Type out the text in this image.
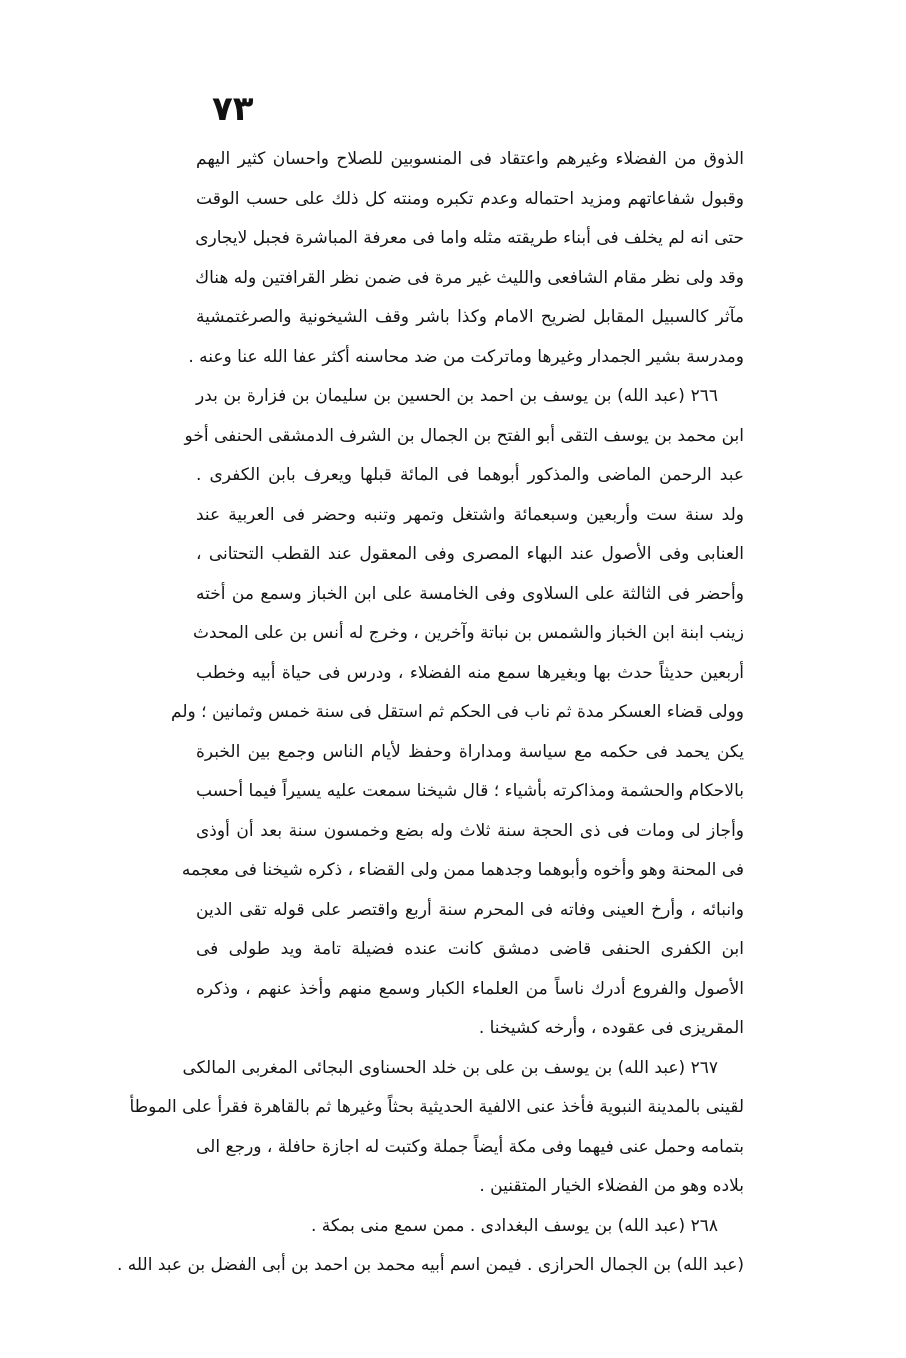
٧٣
الذوق من الفضلاء وغيرهم واعتقاد فى المنسوبين للصلاح واحسان كثير اليهم
وقبول شفاعاتهم ومزيد احتماله وعدم تكبره ومنته كل ذلك على حسب الوقت
حتى انه لم يخلف فى أبناء طريقته مثله واما فى معرفة المباشرة فجبل لايجارى
وقد ولى نظر مقام الشافعى والليث غير مرة فى ضمن نظر القرافتين وله هناك
مآثر كالسبيل المقابل لضريح الامام وكذا باشر وقف الشيخونية والصرغتمشية
ومدرسة بشير الجمدار وغيرها وماتركت من ضد محاسنه أكثر عفا الله عنا وعنه .
٢٦٦ (عبد الله) بن يوسف بن احمد بن الحسين بن سليمان بن فزارة بن بدر
ابن محمد بن يوسف التقى أبو الفتح بن الجمال بن الشرف الدمشقى الحنفى أخو
عبد الرحمن الماضى والمذكور أبوهما فى المائة قبلها ويعرف بابن الكفرى .
ولد سنة ست وأربعين وسبعمائة واشتغل وتمهر وتنبه وحضر فى العربية عند
العنابى وفى الأصول عند البهاء المصرى وفى المعقول عند القطب التحتانى ،
وأحضر فى الثالثة على السلاوى وفى الخامسة على ابن الخباز وسمع من أخته
زينب ابنة ابن الخباز والشمس بن نباتة وآخرين ، وخرج له أنس بن على المحدث
أربعين حديثاً حدث بها وبغيرها سمع منه الفضلاء ، ودرس فى حياة أبيه وخطب
وولى قضاء العسكر مدة ثم ناب فى الحكم ثم استقل فى سنة خمس وثمانين ؛ ولم
يكن يحمد فى حكمه مع سياسة ومداراة وحفظ لأيام الناس وجمع بين الخبرة
بالاحكام والحشمة ومذاكرته بأشياء ؛ قال شيخنا سمعت عليه يسيراً فيما أحسب
وأجاز لى ومات فى ذى الحجة سنة ثلاث وله بضع وخمسون سنة بعد أن أوذى
فى المحنة وهو وأخوه وأبوهما وجدهما ممن ولى القضاء ، ذكره شيخنا فى معجمه
وانبائه ، وأرخ العينى وفاته فى المحرم سنة أربع واقتصر على قوله تقى الدين
ابن الكفرى الحنفى قاضى دمشق كانت عنده فضيلة تامة ويد طولى فى
الأصول والفروع أدرك ناساً من العلماء الكبار وسمع منهم وأخذ عنهم ، وذكره
المقريزى فى عقوده ، وأرخه كشيخنا .
٢٦٧ (عبد الله) بن يوسف بن على بن خلد الحسناوى البجائى المغربى المالكى
لقينى بالمدينة النبوية فأخذ عنى الالفية الحديثية بحثاً وغيرها ثم بالقاهرة فقرأ على الموطأ
بتمامه وحمل عنى فيهما وفى مكة أيضاً جملة وكتبت له اجازة حافلة ، ورجع الى
بلاده وهو من الفضلاء الخيار المتقنين .
٢٦٨ (عبد الله) بن يوسف البغدادى . ممن سمع منى بمكة .
(عبد الله) بن الجمال الحرازى . فيمن اسم أبيه محمد بن احمد بن أبى الفضل بن عبد الله .
